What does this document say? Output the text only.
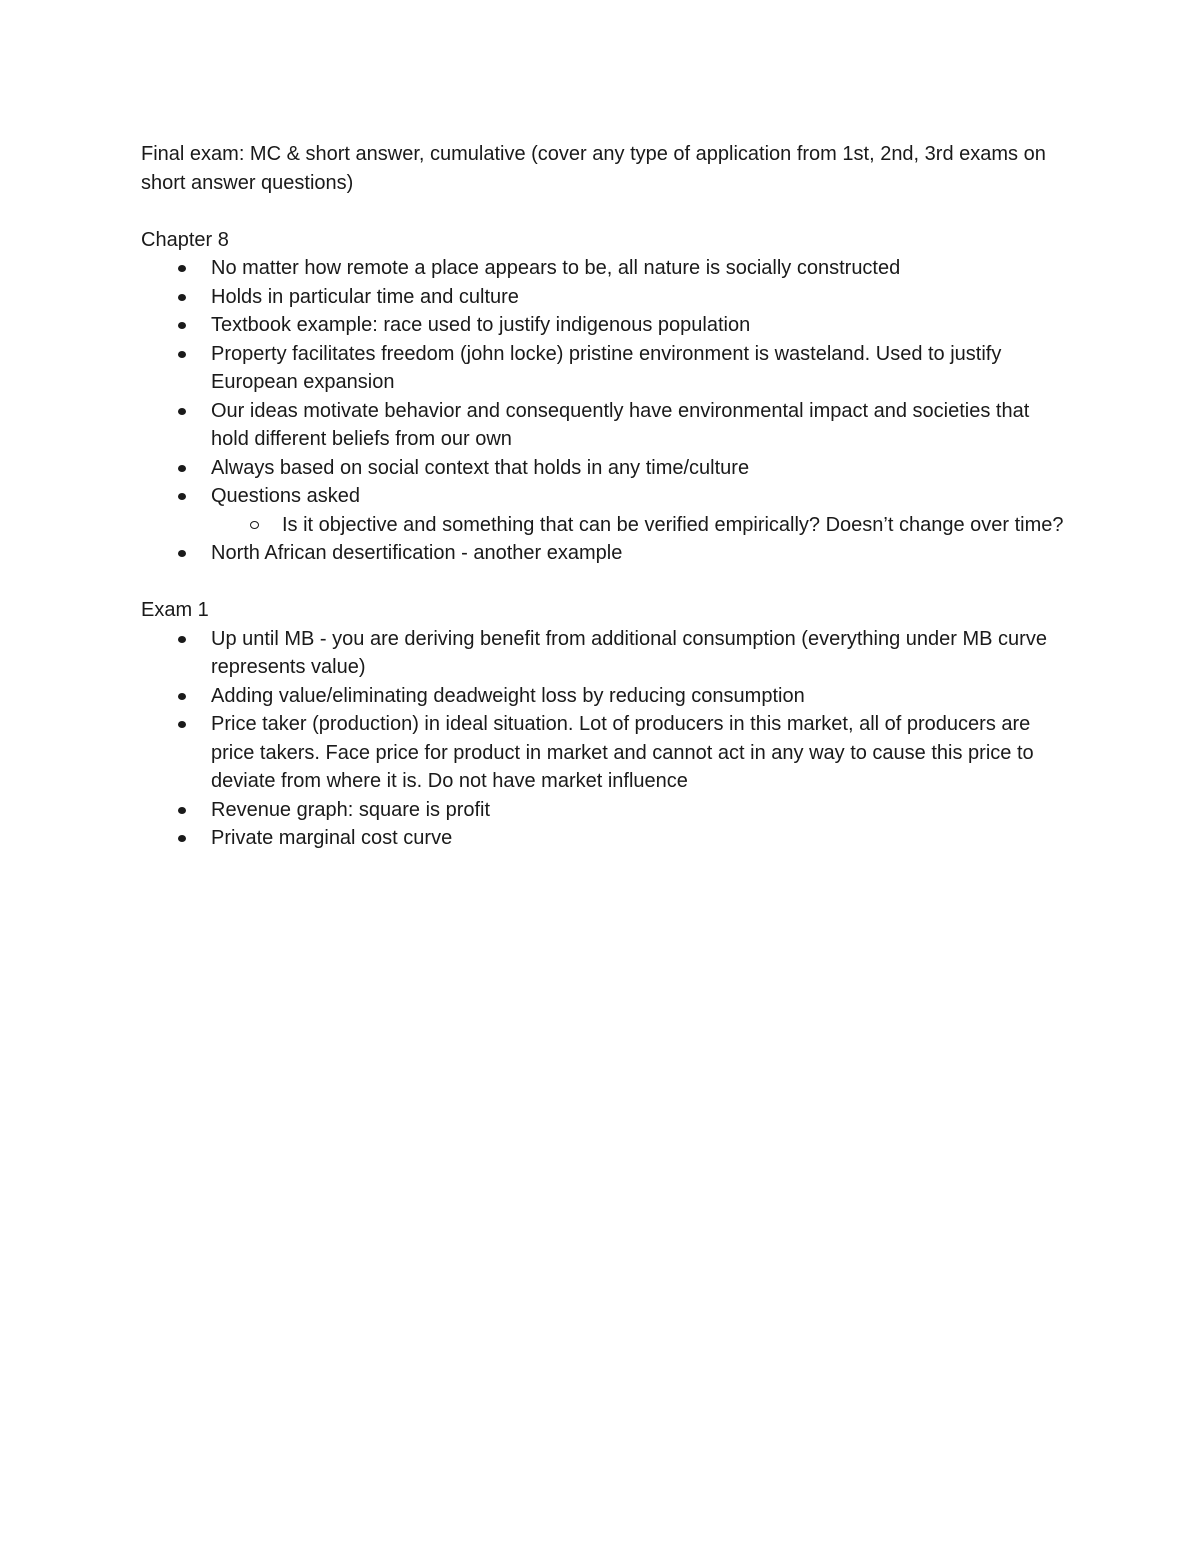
Final exam: MC & short answer, cumulative (cover any type of application from 1st, 2nd, 3rd exams on short answer questions)

Chapter 8

No matter how remote a place appears to be, all nature is socially constructed
Holds in particular time and culture
Textbook example: race used to justify indigenous population
Property facilitates freedom (john locke) pristine environment is wasteland. Used to justify European expansion
Our ideas motivate behavior and consequently have environmental impact and societies that hold different beliefs from our own
Always based on social context that holds in any time/culture
Questions asked
Is it objective and something that can be verified empirically? Doesn’t change over time?
North African desertification - another example

Exam 1

Up until MB - you are deriving benefit from additional consumption (everything under MB curve represents value)
Adding value/eliminating deadweight loss by reducing consumption
Price taker (production) in ideal situation. Lot of producers in this market, all of producers are price takers. Face price for product in market and cannot act in any way to cause this price to deviate from where it is. Do not have market influence
Revenue graph: square is profit
Private marginal cost curve
